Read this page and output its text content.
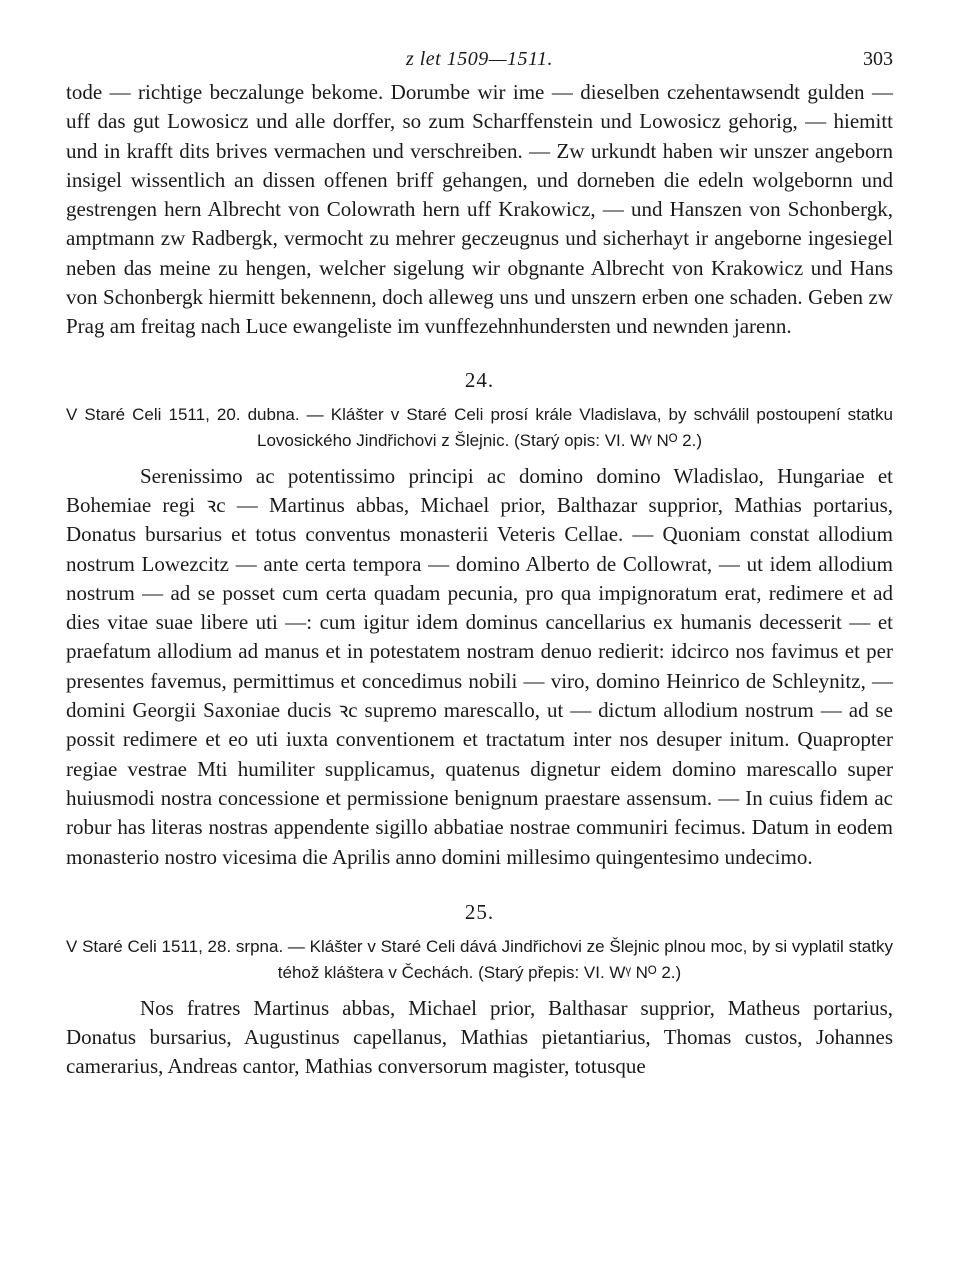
z let 1509—1511.	303

tode — richtige beczalunge bekome. Dorumbe wir ime — dieselben czehentawsendt gulden — uff das gut Lowosicz und alle dorffer, so zum Scharffenstein und Lowosicz gehorig, — hiemitt und in krafft dits brives vermachen und verschreiben. — Zw urkundt haben wir unszer angeborn insigel wissentlich an dissen offenen briff gehangen, und dorneben die edeln wolgebornn und gestrengen hern Albrecht von Colowrath hern uff Krakowicz, — und Hanszen von Schonbergk, amptmann zw Radbergk, vermocht zu mehrer geczeugnus und sicherhayt ir angeborne ingesiegel neben das meine zu hengen, welcher sigelung wir obgnante Albrecht von Krakowicz und Hans von Schonbergk hiermitt bekennenn, doch alleweg uns und unszern erben one schaden. Geben zw Prag am freitag nach Luce ewangeliste im vunffezehnhundersten und newnden jarenn.

24.

V Staré Celi 1511, 20. dubna. — Klášter v Staré Celi prosí krále Vladislava, by schválil postoupení statku Lovosického Jindřichovi z Šlejnic. (Starý opis: VI. Wᵞ Nᴼ 2.)

Serenissimo ac potentissimo principi ac domino domino Wladislao, Hungariae et Bohemiae regi ꝛc — Martinus abbas, Michael prior, Balthazar supprior, Mathias portarius, Donatus bursarius et totus conventus monasterii Veteris Cellae. — Quoniam constat allodium nostrum Lowezcitz — ante certa tempora — domino Alberto de Collowrat, — ut idem allodium nostrum — ad se posset cum certa quadam pecunia, pro qua impignoratum erat, redimere et ad dies vitae suae libere uti —: cum igitur idem dominus cancellarius ex humanis decesserit — et praefatum allodium ad manus et in potestatem nostram denuo redierit: idcirco nos favimus et per presentes favemus, permittimus et concedimus nobili — viro, domino Heinrico de Schleynitz, — domini Georgii Saxoniae ducis ꝛc supremo marescallo, ut — dictum allodium nostrum — ad se possit redimere et eo uti iuxta conventionem et tractatum inter nos desuper initum. Quapropter regiae vestrae Mti humiliter supplicamus, quatenus dignetur eidem domino marescallo super huiusmodi nostra concessione et permissione benignum praestare assensum. — In cuius fidem ac robur has literas nostras appendente sigillo abbatiae nostrae communiri fecimus. Datum in eodem monasterio nostro vicesima die Aprilis anno domini millesimo quingentesimo undecimo.

25.

V Staré Celi 1511, 28. srpna. — Klášter v Staré Celi dává Jindřichovi ze Šlejnic plnou moc, by si vyplatil statky téhož kláštera v Čechách. (Starý přepis: VI. Wᵞ Nᴼ 2.)

Nos fratres Martinus abbas, Michael prior, Balthasar supprior, Matheus portarius, Donatus bursarius, Augustinus capellanus, Mathias pietantiarius, Thomas custos, Johannes camerarius, Andreas cantor, Mathias conversorum magister, totusque
